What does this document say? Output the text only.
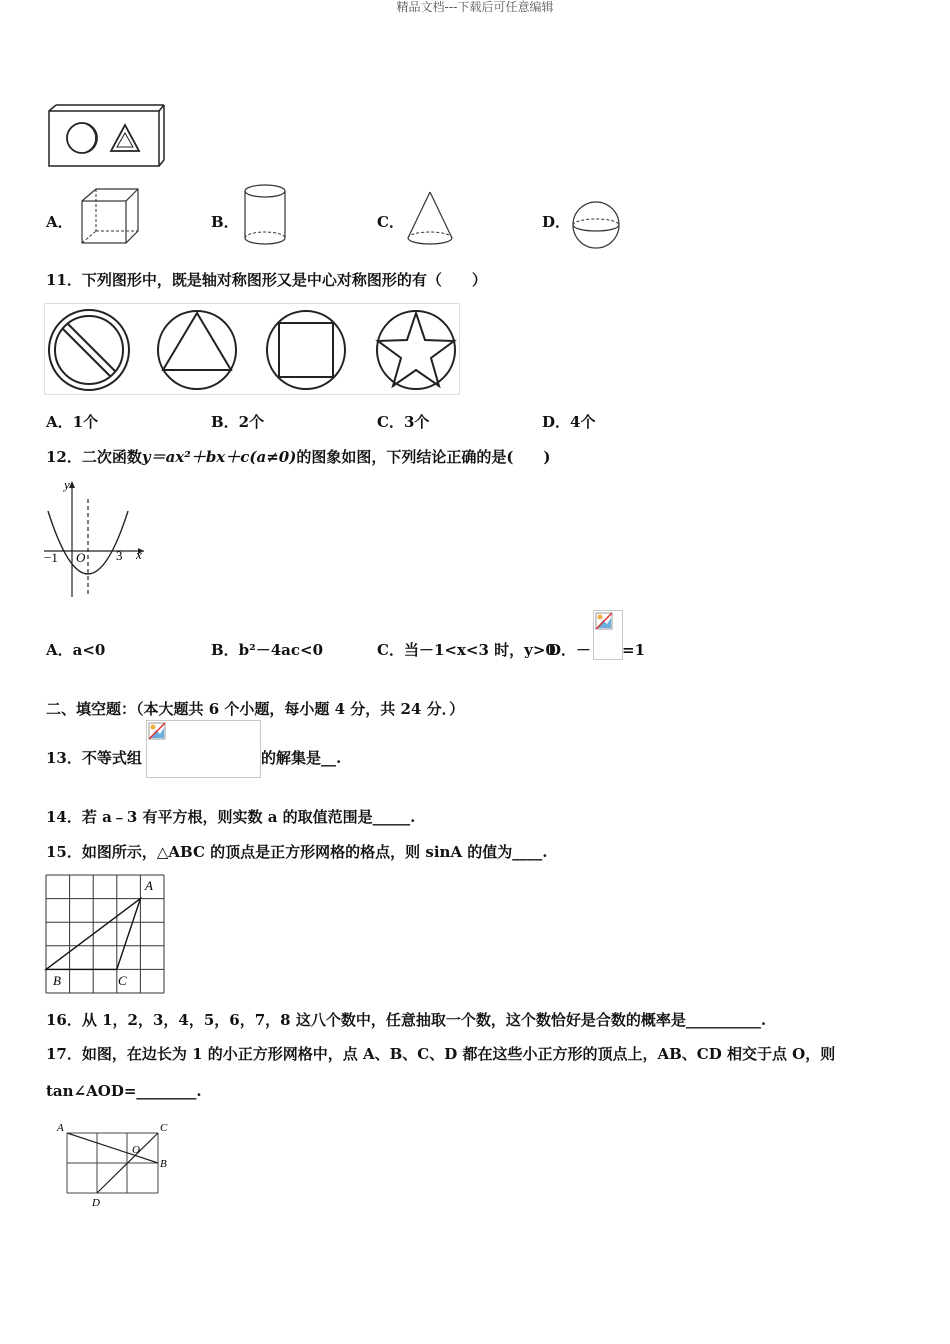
精品文档---下载后可任意编辑
A．	B．	C．	D．
11．下列图形中，既是轴对称图形又是中心对称图形的有（　　）
A．1个	B．2个	C．3个	D．4个
12．二次函数y＝ax²＋bx＋c(a≠0)的图象如图，下列结论正确的是(　　)
y
x
O
−1	3
A．a<0	B．b²－4ac<0	C．当－1<x<3 时，y>0
D．－ =1
二、填空题：（本大题共 6 个小题，每小题 4 分，共 24 分．）
13．不等式组	的解集是__.
14．若 a﹣3 有平方根，则实数 a 的取值范围是_____.
15．如图所示，△ABC 的顶点是正方形网格的格点，则 sinA 的值为____.
A
B	C
16．从 1，2，3，4，5，6，7，8 这八个数中，任意抽取一个数，这个数恰好是合数的概率是__________.
17．如图，在边长为 1 的小正方形网格中，点 A、B、C、D 都在这些小正方形的顶点上，AB、CD 相交于点 O，则
tan∠AOD=________.
A	C
B
D
O
